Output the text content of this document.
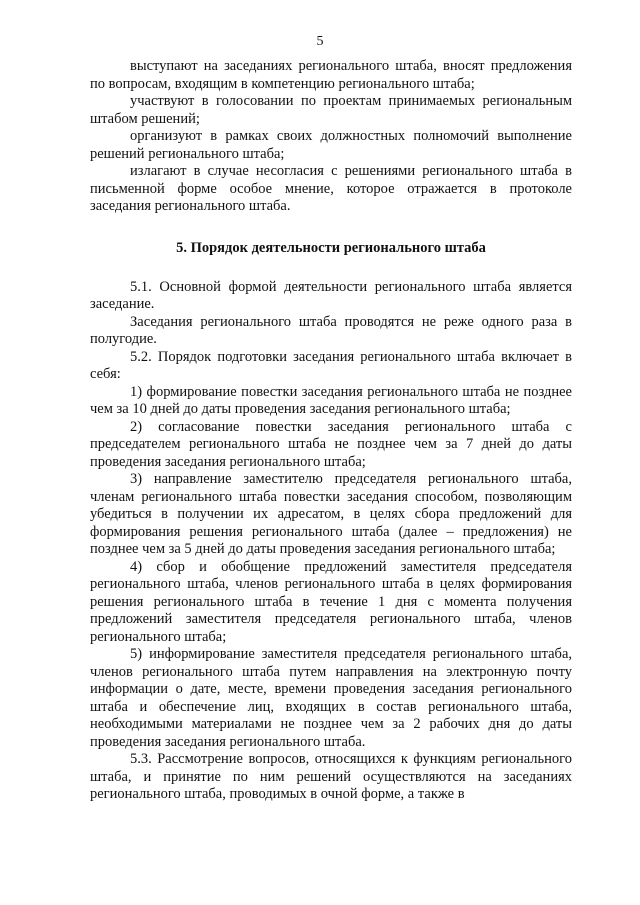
5

выступают на заседаниях регионального штаба, вносят предложения по вопросам, входящим в компетенцию регионального штаба;

участвуют в голосовании по проектам принимаемых региональным штабом решений;

организуют в рамках своих должностных полномочий выполнение решений регионального штаба;

излагают в случае несогласия с решениями регионального штаба в письменной форме особое мнение, которое отражается в протоколе заседания регионального штаба.

5. Порядок деятельности регионального штаба

5.1. Основной формой деятельности регионального штаба является заседание.

Заседания регионального штаба проводятся не реже одного раза в полугодие.

5.2. Порядок подготовки заседания регионального штаба включает в себя:

1) формирование повестки заседания регионального штаба не позднее чем за 10 дней до даты проведения заседания регионального штаба;

2) согласование повестки заседания регионального штаба с председателем регионального штаба не позднее чем за 7 дней до даты проведения заседания регионального штаба;

3) направление заместителю председателя регионального штаба, членам регионального штаба повестки заседания способом, позволяющим убедиться в получении их адресатом, в целях сбора предложений для формирования решения регионального штаба (далее – предложения) не позднее чем за 5 дней до даты проведения заседания регионального штаба;

4) сбор и обобщение предложений заместителя председателя регионального штаба, членов регионального штаба в целях формирования решения регионального штаба в течение 1 дня с момента получения предложений заместителя председателя регионального штаба, членов регионального штаба;

5) информирование заместителя председателя регионального штаба, членов регионального штаба путем направления на электронную почту информации о дате, месте, времени проведения заседания регионального штаба и обеспечение лиц, входящих в состав регионального штаба, необходимыми материалами не позднее чем за 2 рабочих дня до даты проведения заседания регионального штаба.

5.3. Рассмотрение вопросов, относящихся к функциям регионального штаба, и принятие по ним решений осуществляются на заседаниях регионального штаба, проводимых в очной форме, а также в
